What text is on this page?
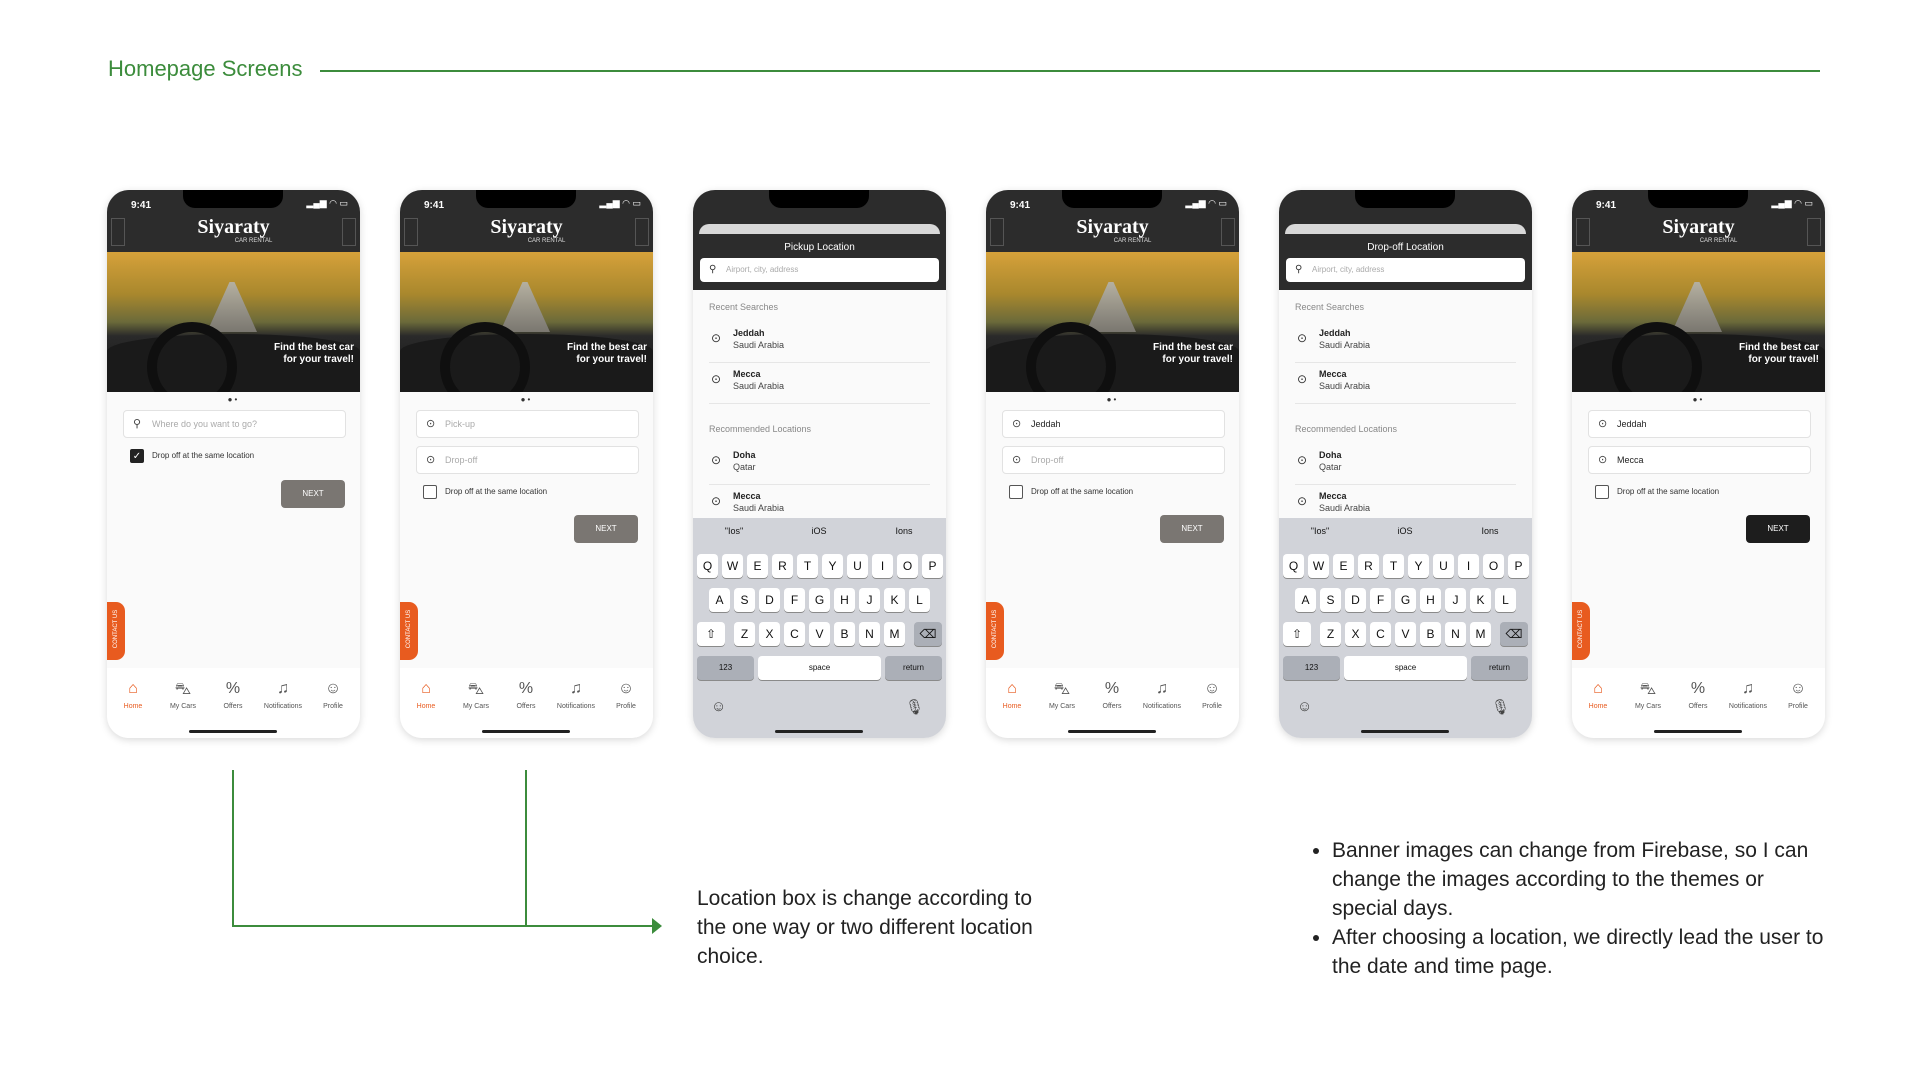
Homepage Screens
9:41	▂▄▆ ◠ ▭
Siyaraty
CAR RENTAL
Find the best car
for your travel!
●•
⚲ Where do you want to go?
✓	Drop off at the same location
NEXT
CONTACT US
⌂
Home
⛍
My Cars
%
Offers
♫
Notifications
☺
Profile
9:41	▂▄▆ ◠ ▭
Siyaraty
CAR RENTAL
Find the best car
for your travel!
●•
⊙ Pick-up
⊙ Drop-off
Drop off at the same location
NEXT
CONTACT US
⌂
Home
⛍
My Cars
%
Offers
♫
Notifications
☺
Profile
Pickup Location
⚲ Airport, city, address
Recent Searches
⊙ Jeddah
Saudi Arabia
⊙ Mecca
Saudi Arabia
Recommended Locations
⊙ Doha
Qatar
⊙ Mecca
Saudi Arabia
"Ios"	iOS	Ions
Q	W	E	R	T	Y	U	I	O	P
A	S	D	F	G	H	J	K	L
⇧	Z	X	C	V	B	N	M	⌫
123	space	return
☺	🎙
9:41	▂▄▆ ◠ ▭
Siyaraty
CAR RENTAL
Find the best car
for your travel!
●•
⊙ Jeddah
⊙ Drop-off
Drop off at the same location
NEXT
CONTACT US
⌂
Home
⛍
My Cars
%
Offers
♫
Notifications
☺
Profile
Drop-off Location
⚲ Airport, city, address
Recent Searches
⊙ Jeddah
Saudi Arabia
⊙ Mecca
Saudi Arabia
Recommended Locations
⊙ Doha
Qatar
⊙ Mecca
Saudi Arabia
"Ios"	iOS	Ions
Q	W	E	R	T	Y	U	I	O	P
A	S	D	F	G	H	J	K	L
⇧	Z	X	C	V	B	N	M	⌫
123	space	return
☺	🎙
9:41	▂▄▆ ◠ ▭
Siyaraty
CAR RENTAL
Find the best car
for your travel!
●•
⊙ Jeddah
⊙ Mecca
Drop off at the same location
NEXT
CONTACT US
⌂
Home
⛍
My Cars
%
Offers
♫
Notifications
☺
Profile
Location box is change according to the one way or two different location choice.
• Banner images can change from Firebase, so I can change the images according to the themes or special days.
• After choosing a location, we directly lead the user to the date and time page.
